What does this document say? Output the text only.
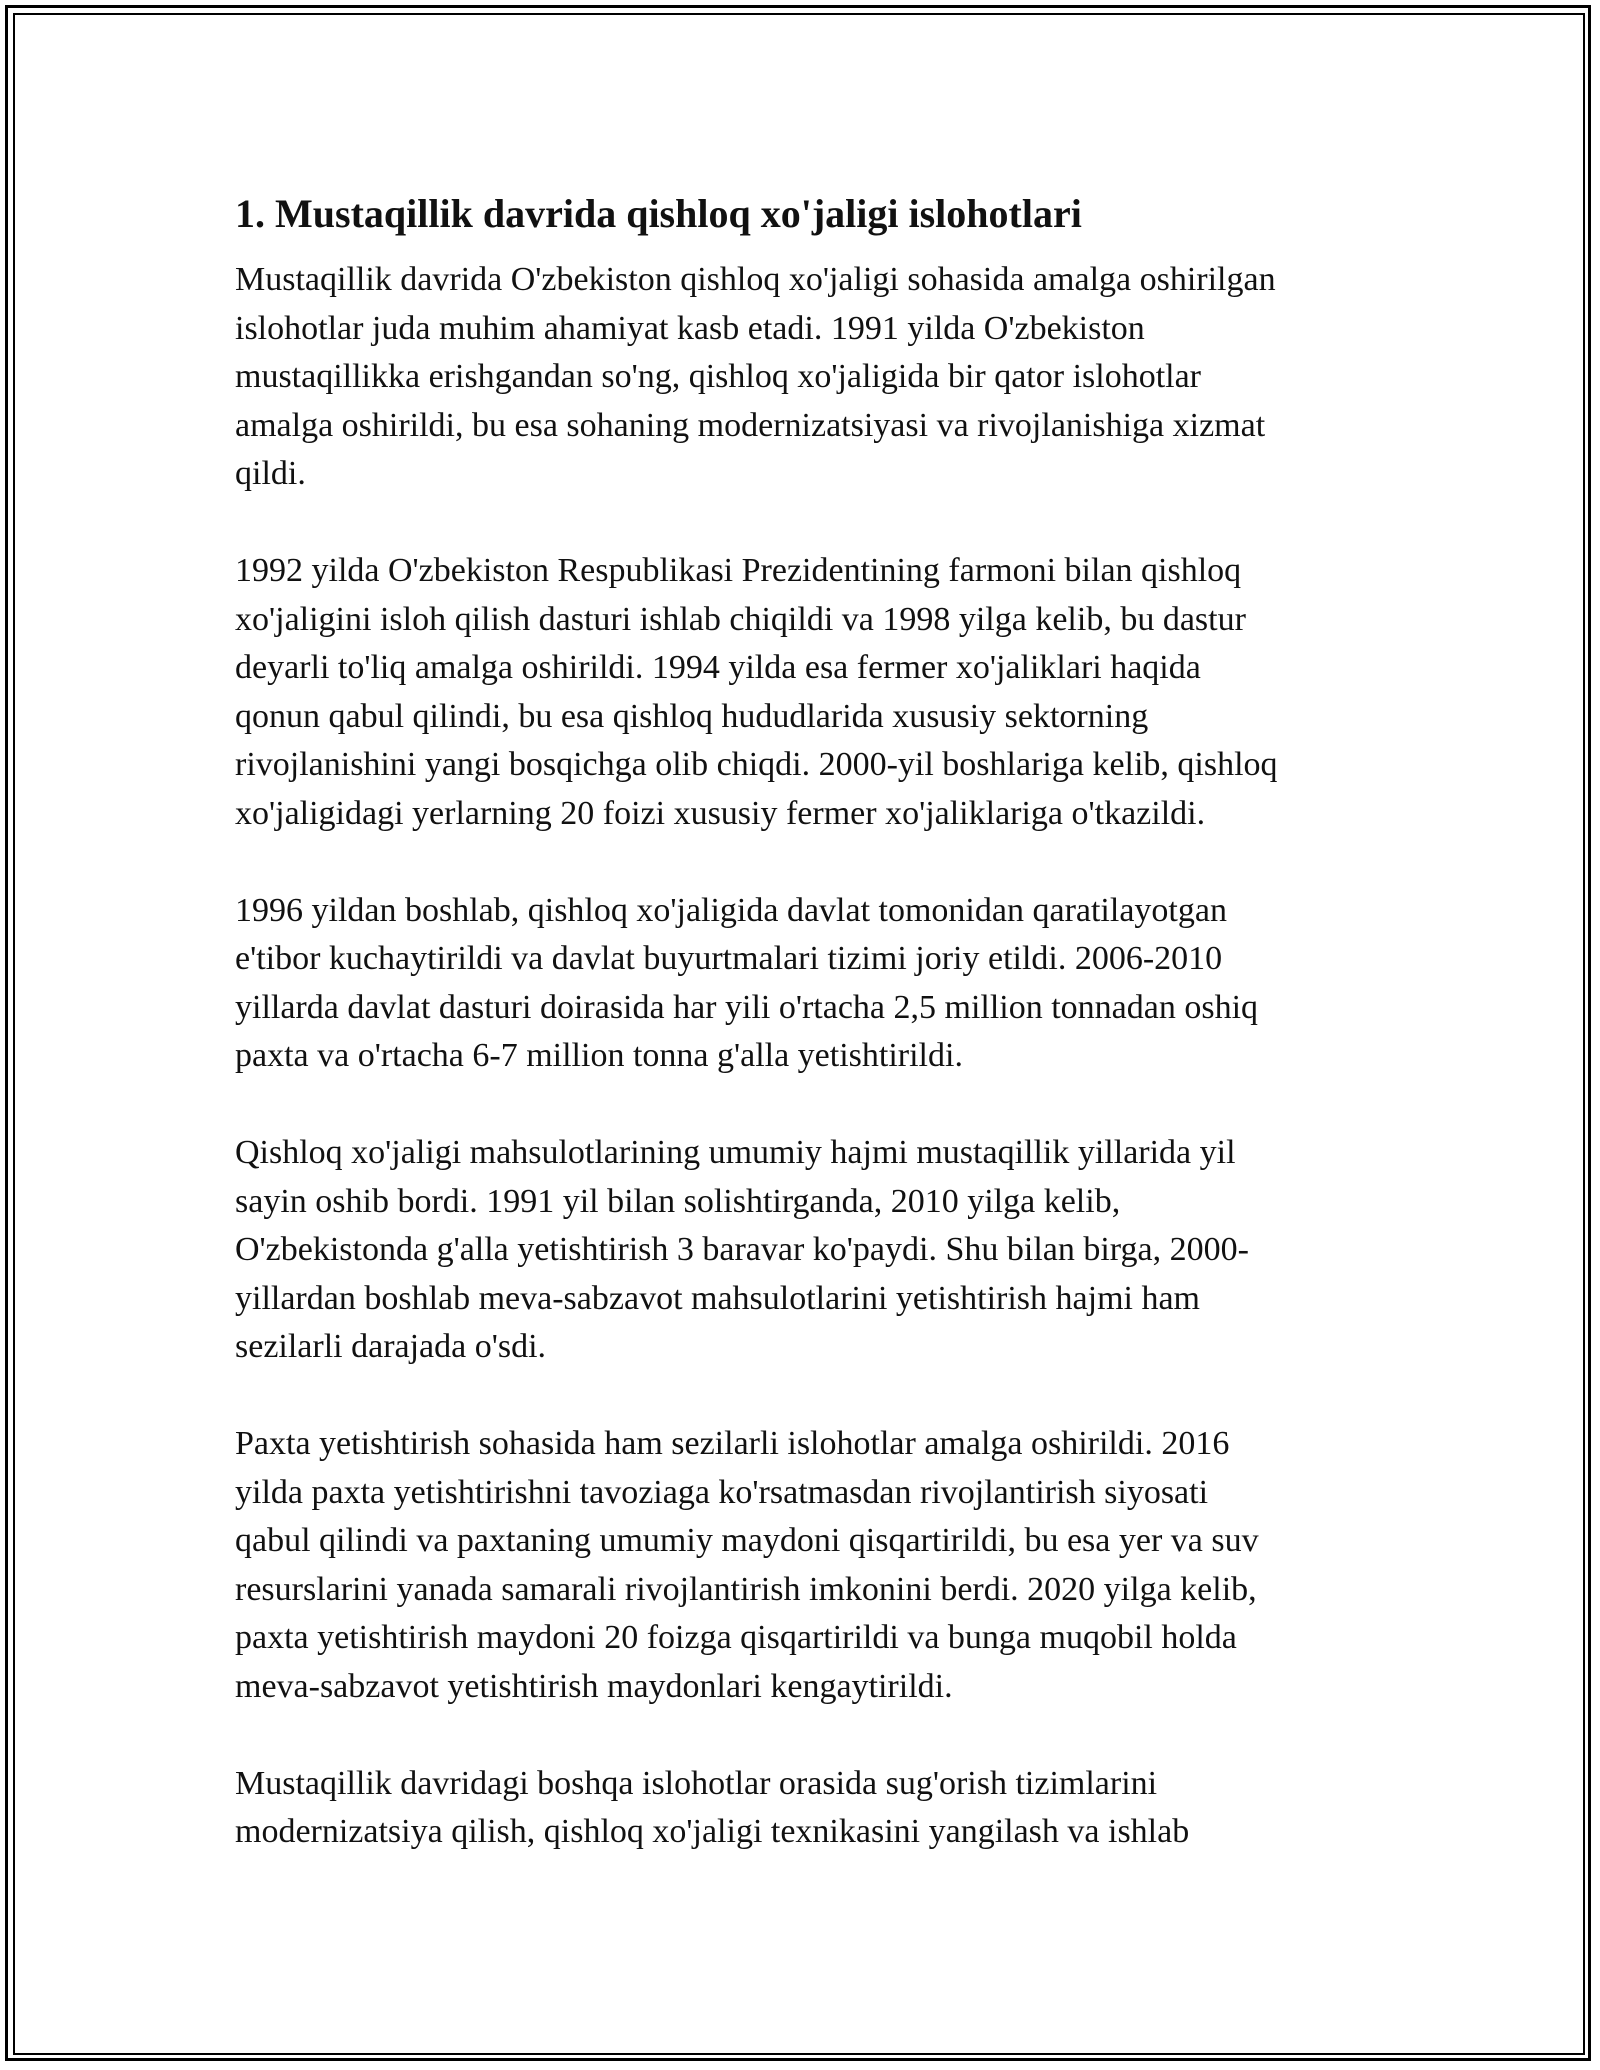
1. Mustaqillik davrida qishloq xo'jaligi islohotlari

Mustaqillik davrida O'zbekiston qishloq xo'jaligi sohasida amalga oshirilgan
islohotlar juda muhim ahamiyat kasb etadi. 1991 yilda O'zbekiston
mustaqillikka erishgandan so'ng, qishloq xo'jaligida bir qator islohotlar
amalga oshirildi, bu esa sohaning modernizatsiyasi va rivojlanishiga xizmat
qildi.

1992 yilda O'zbekiston Respublikasi Prezidentining farmoni bilan qishloq
xo'jaligini isloh qilish dasturi ishlab chiqildi va 1998 yilga kelib, bu dastur
deyarli to'liq amalga oshirildi. 1994 yilda esa fermer xo'jaliklari haqida
qonun qabul qilindi, bu esa qishloq hududlarida xususiy sektorning
rivojlanishini yangi bosqichga olib chiqdi. 2000-yil boshlariga kelib, qishloq
xo'jaligidagi yerlarning 20 foizi xususiy fermer xo'jaliklariga o'tkazildi.

1996 yildan boshlab, qishloq xo'jaligida davlat tomonidan qaratilayotgan
e'tibor kuchaytirildi va davlat buyurtmalari tizimi joriy etildi. 2006-2010
yillarda davlat dasturi doirasida har yili o'rtacha 2,5 million tonnadan oshiq
paxta va o'rtacha 6-7 million tonna g'alla yetishtirildi.

Qishloq xo'jaligi mahsulotlarining umumiy hajmi mustaqillik yillarida yil
sayin oshib bordi. 1991 yil bilan solishtirganda, 2010 yilga kelib,
O'zbekistonda g'alla yetishtirish 3 baravar ko'paydi. Shu bilan birga, 2000-
yillardan boshlab meva-sabzavot mahsulotlarini yetishtirish hajmi ham
sezilarli darajada o'sdi.

Paxta yetishtirish sohasida ham sezilarli islohotlar amalga oshirildi. 2016
yilda paxta yetishtirishni tavoziaga ko'rsatmasdan rivojlantirish siyosati
qabul qilindi va paxtaning umumiy maydoni qisqartirildi, bu esa yer va suv
resurslarini yanada samarali rivojlantirish imkonini berdi. 2020 yilga kelib,
paxta yetishtirish maydoni 20 foizga qisqartirildi va bunga muqobil holda
meva-sabzavot yetishtirish maydonlari kengaytirildi.

Mustaqillik davridagi boshqa islohotlar orasida sug'orish tizimlarini
modernizatsiya qilish, qishloq xo'jaligi texnikasini yangilash va ishlab
